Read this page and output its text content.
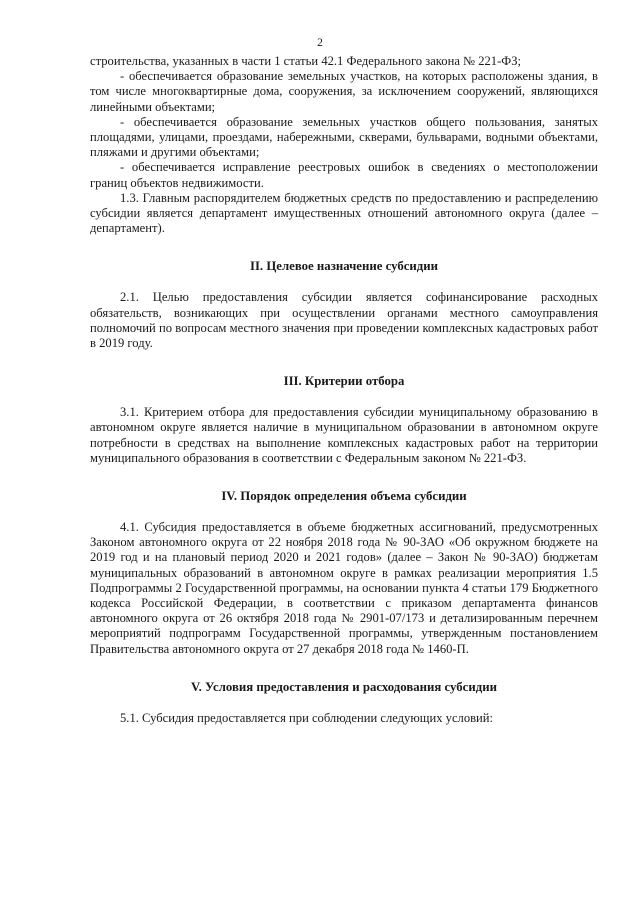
2

строительства, указанных в части 1 статьи 42.1 Федерального закона № 221-ФЗ;

- обеспечивается образование земельных участков, на которых расположены здания, в том числе многоквартирные дома, сооружения, за исключением сооружений, являющихся линейными объектами;

- обеспечивается образование земельных участков общего пользования, занятых площадями, улицами, проездами, набережными, скверами, бульварами, водными объектами, пляжами и другими объектами;

- обеспечивается исправление реестровых ошибок в сведениях о местоположении границ объектов недвижимости.

1.3. Главным распорядителем бюджетных средств по предоставлению и распределению субсидии является департамент имущественных отношений автономного округа (далее – департамент).

II. Целевое назначение субсидии

2.1. Целью предоставления субсидии является софинансирование расходных обязательств, возникающих при осуществлении органами местного самоуправления полномочий по вопросам местного значения при проведении комплексных кадастровых работ в 2019 году.

III. Критерии отбора

3.1. Критерием отбора для предоставления субсидии муниципальному образованию в автономном округе является наличие в муниципальном образовании в автономном округе потребности в средствах на выполнение комплексных кадастровых работ на территории муниципального образования в соответствии с Федеральным законом № 221-ФЗ.

IV. Порядок определения объема субсидии

4.1. Субсидия предоставляется в объеме бюджетных ассигнований, предусмотренных Законом автономного округа от 22 ноября 2018 года № 90-ЗАО «Об окружном бюджете на 2019 год и на плановый период 2020 и 2021 годов» (далее – Закон № 90-ЗАО) бюджетам муниципальных образований в автономном округе в рамках реализации мероприятия 1.5 Подпрограммы 2 Государственной программы, на основании пункта 4 статьи 179 Бюджетного кодекса Российской Федерации, в соответствии с приказом департамента финансов автономного округа от 26 октября 2018 года № 2901-07/173 и детализированным перечнем мероприятий подпрограмм Государственной программы, утвержденным постановлением Правительства автономного округа от 27 декабря 2018 года № 1460-П.

V. Условия предоставления и расходования субсидии

5.1. Субсидия предоставляется при соблюдении следующих условий:
